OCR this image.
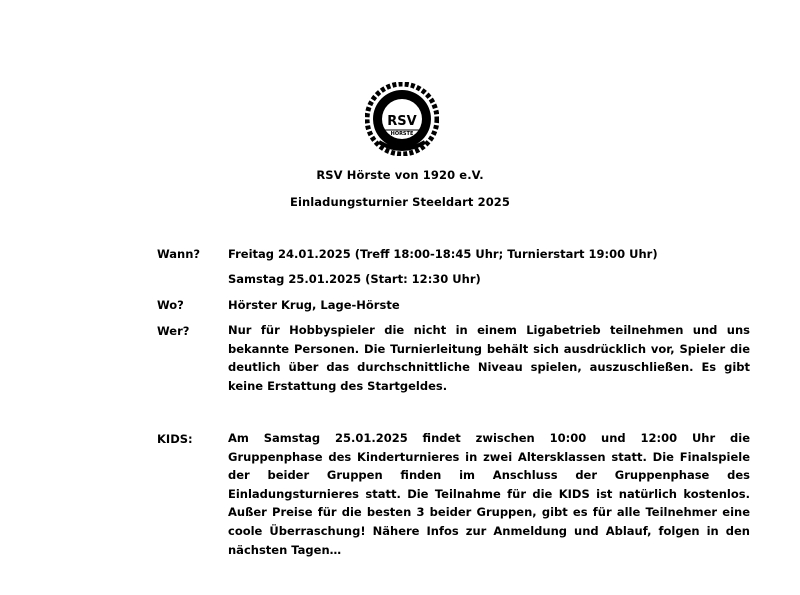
RSV
HÖRSTE
RSV Hörste von 1920 e.V.
Einladungsturnier Steeldart 2025
Wann? Freitag 24.01.2025 (Treff 18:00-18:45 Uhr; Turnierstart 19:00 Uhr)
Samstag 25.01.2025 (Start: 12:30 Uhr)
Wo?	Hörster Krug, Lage-Hörste
Wer?	Nur für Hobbyspieler die nicht in einem Ligabetrieb teilnehmen und uns bekannte Personen. Die Turnierleitung behält sich ausdrücklich vor, Spieler die deutlich über das durchschnittliche Niveau spielen, auszuschließen. Es gibt keine Erstattung des Startgeldes.
KIDS:	Am Samstag 25.01.2025 findet zwischen 10:00 und 12:00 Uhr die Gruppenphase des Kinderturnieres in zwei Altersklassen statt. Die Finalspiele der beider Gruppen finden im Anschluss der Gruppenphase des Einladungsturnieres statt. Die Teilnahme für die KIDS ist natürlich kostenlos. Außer Preise für die besten 3 beider Gruppen, gibt es für alle Teilnehmer eine coole Überraschung! Nähere Infos zur Anmeldung und Ablauf, folgen in den nächsten Tagen…
